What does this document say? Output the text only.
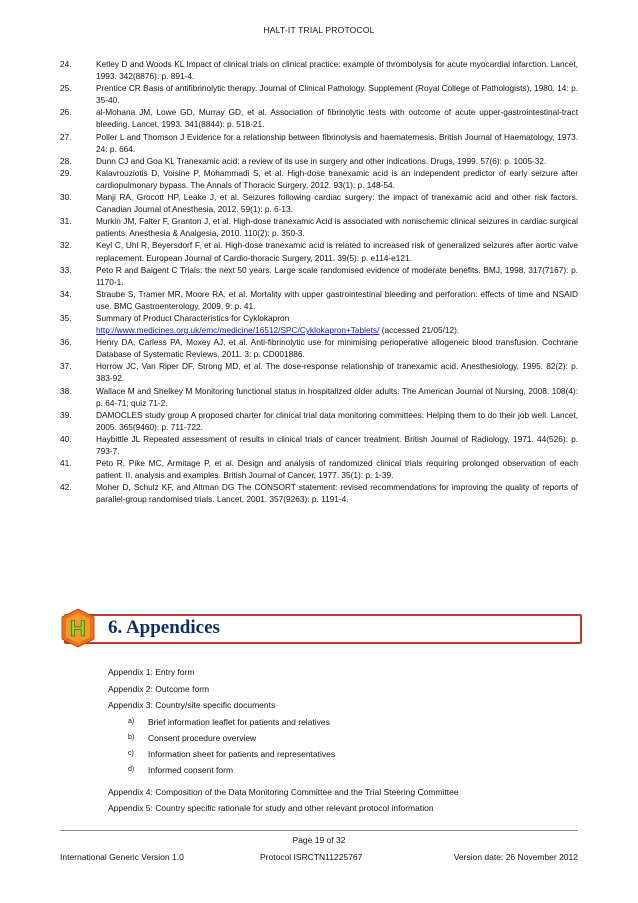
HALT-IT TRIAL PROTOCOL
24.	Ketley D and Woods KL Impact of clinical trials on clinical practice: example of thrombolysis for acute myocardial infarction. Lancet, 1993. 342(8876): p. 891-4.
25.	Prentice CR Basis of antifibrinolytic therapy. Journal of Clinical Pathology. Supplement (Royal College of Pathologists), 1980. 14: p. 35-40.
26.	al-Mohana JM, Lowe GD, Murray GD, et al. Association of fibrinolytic tests with outcome of acute upper-gastrointestinal-tract bleeding. Lancet, 1993. 341(8844): p. 518-21.
27.	Poller L and Thomson J Evidence for a relationship between fibrinolysis and haematemesis. British Journal of Haematology, 1973. 24: p. 664.
28.	Dunn CJ and Goa KL Tranexamic acid: a review of its use in surgery and other indications. Drugs, 1999. 57(6): p. 1005-32.
29.	Kalavrouziotis D, Voisine P, Mohammadi S, et al. High-dose tranexamic acid is an independent predictor of early seizure after cardiopulmonary bypass. The Annals of Thoracic Surgery, 2012. 93(1): p. 148-54.
30.	Manji RA, Grocott HP, Leake J, et al. Seizures following cardiac surgery: the impact of tranexamic acid and other risk factors. Canadian Journal of Anesthesia, 2012. 59(1): p. 6-13.
31.	Murkin JM, Falter F, Granton J, et al. High-dose tranexamic Acid is associated with nonischemic clinical seizures in cardiac surgical patients. Anesthesia & Analgesia, 2010. 110(2): p. 350-3.
32.	Keyl C, Uhl R, Beyersdorf F, et al. High-dose tranexamic acid is related to increased risk of generalized seizures after aortic valve replacement. European Journal of Cardio-thoracic Surgery, 2011. 39(5): p. e114-e121.
33.	Peto R and Baigent C Trials: the next 50 years. Large scale randomised evidence of moderate benefits. BMJ, 1998. 317(7167): p. 1170-1.
34.	Straube S, Tramer MR, Moore RA, et al. Mortality with upper gastrointestinal bleeding and perforation: effects of time and NSAID use. BMC Gastroenterology, 2009. 9: p. 41.
35.	Summary of Product Characteristics for Cyklokapron
http://www.medicines.org.uk/emc/medicine/16512/SPC/Cyklokapron+Tablets/ (accessed 21/05/12).
36.	Henry DA, Carless PA, Moxey AJ, et al. Anti-fibrinolytic use for minimising perioperative allogeneic blood transfusion. Cochrane Database of Systematic Reviews, 2011. 3: p. CD001886.
37.	Horrow JC, Van Riper DF, Strong MD, et al. The dose-response relationship of tranexamic acid. Anesthesiology, 1995. 82(2): p. 383-92.
38.	Wallace M and Shelkey M Monitoring functional status in hospitalized older adults. The American Journal of Nursing, 2008. 108(4): p. 64-71; quiz 71-2.
39.	DAMOCLES study group A proposed charter for clinical trial data monitoring committees: Helping them to do their job well. Lancet, 2005. 365(9460): p. 711-722.
40.	Haybittle JL Repeated assessment of results in clinical trials of cancer treatment. British Journal of Radiology, 1971. 44(526): p. 793-7.
41.	Peto R, Pike MC, Armitage P, et al. Design and analysis of randomized clinical trials requiring prolonged observation of each patient. II. analysis and examples. British Journal of Cancer, 1977. 35(1): p. 1-39.
42.	Moher D, Schulz KF, and Altman DG The CONSORT statement: revised recommendations for improving the quality of reports of parallel-group randomised trials. Lancet, 2001. 357(9263): p. 1191-4.
H 6. Appendices
Appendix 1: Entry form
Appendix 2: Outcome form
Appendix 3: Country/site specific documents
a) Brief information leaflet for patients and relatives
b) Consent procedure overview
c) Information sheet for patients and representatives
d) Informed consent form
Appendix 4: Composition of the Data Monitoring Committee and the Trial Steering Committee
Appendix 5: Country specific rationale for study and other relevant protocol information
Page 19 of 32
International Generic Version 1.0	Protocol ISRCTN11225767	Version date: 26 November 2012
